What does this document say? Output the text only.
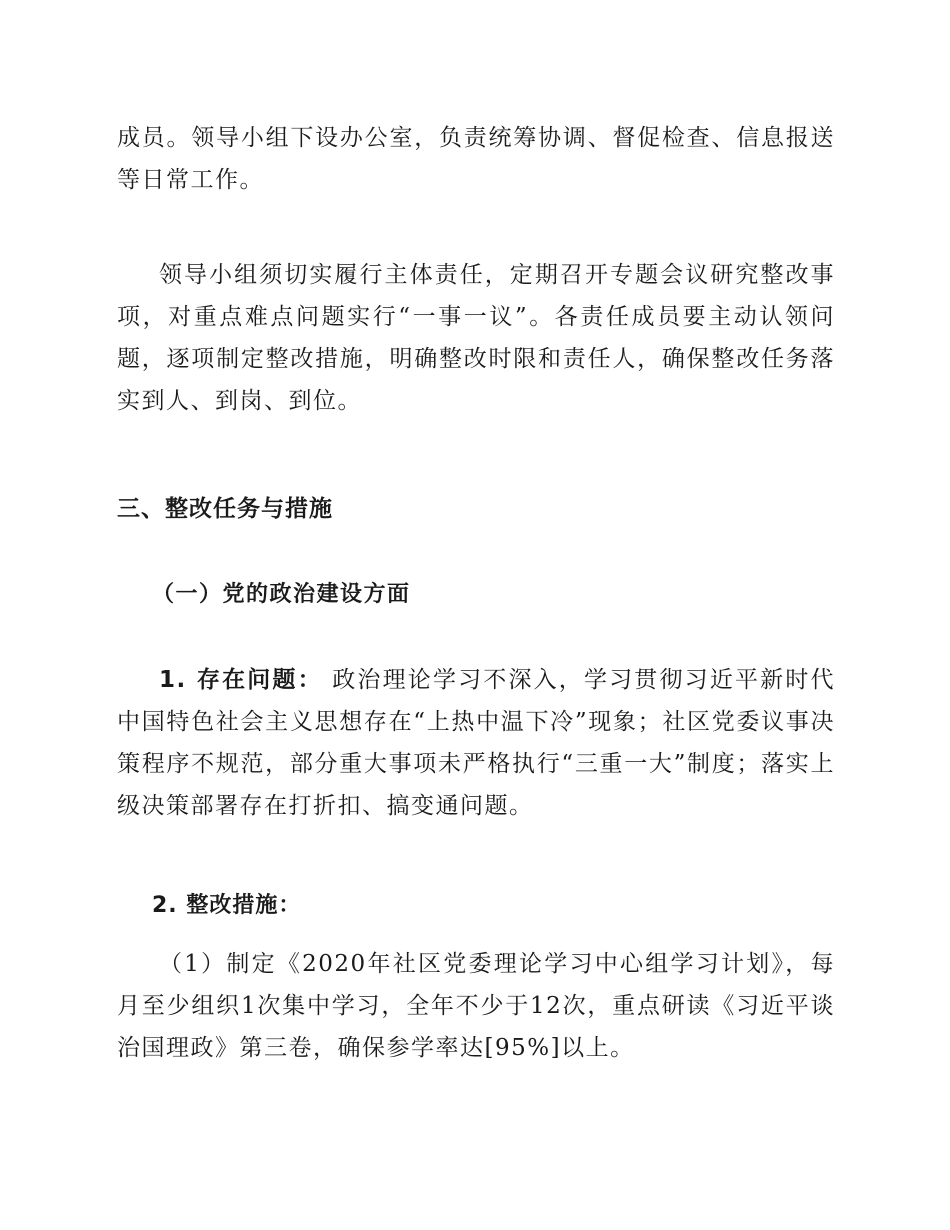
成员。领导小组下设办公室，负责统筹协调、督促检查、信息报送等日常工作。

领导小组须切实履行主体责任，定期召开专题会议研究整改事项，对重点难点问题实行“一事一议”。各责任成员要主动认领问题，逐项制定整改措施，明确整改时限和责任人，确保整改任务落实到人、到岗、到位。

三、整改任务与措施
（一）党的政治建设方面

1. 存在问题： 政治理论学习不深入，学习贯彻习近平新时代中国特色社会主义思想存在“上热中温下冷”现象；社区党委议事决策程序不规范，部分重大事项未严格执行“三重一大”制度；落实上级决策部署存在打折扣、搞变通问题。

2. 整改措施：

（1）制定《2020年社区党委理论学习中心组学习计划》，每月至少组织1次集中学习，全年不少于12次，重点研读《习近平谈治国理政》第三卷，确保参学率达[95%]以上。
